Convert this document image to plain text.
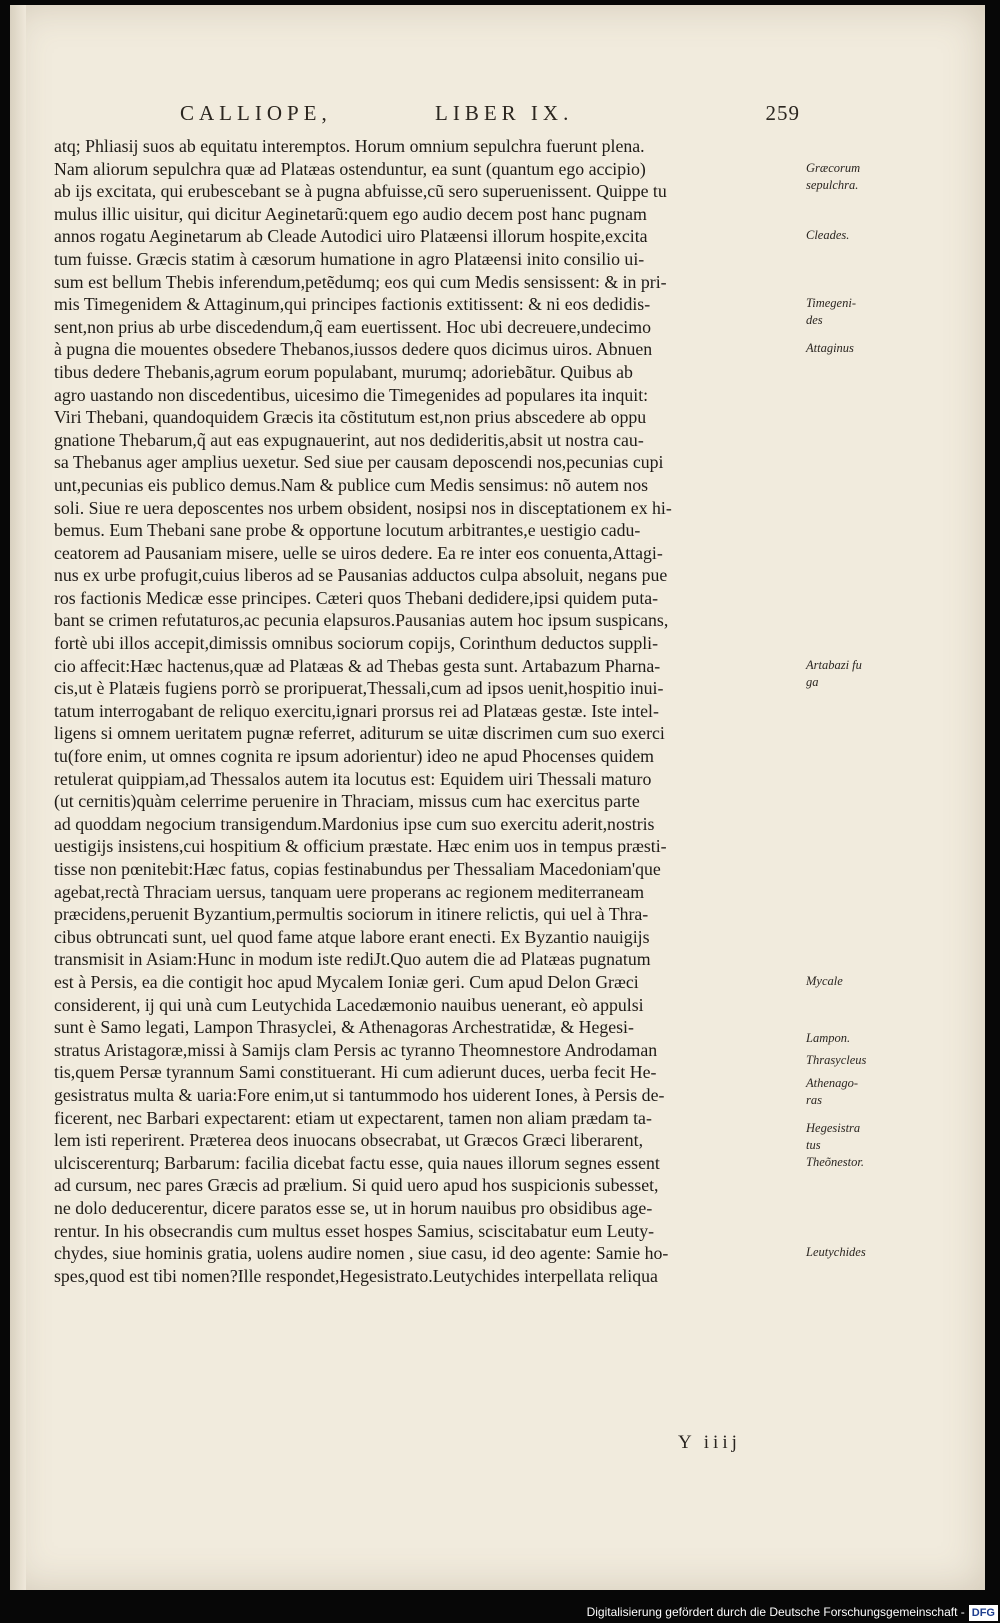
CALLIOPE,	LIBER IX.	259
atq; Phliasij suos ab equitatu interemptos. Horum omnium sepulchra fuerunt plena.
Nam aliorum sepulchra quæ ad Platæas ostenduntur, ea sunt (quantum ego accipio)
ab ijs excitata, qui erubescebant se à pugna abfuisse,cũ sero superuenissent. Quippe tu
mulus illic uisitur, qui dicitur Aeginetarũ:quem ego audio decem post hanc pugnam
annos rogatu Aeginetarum ab Cleade Autodici uiro Platæensi illorum hospite,excita
tum fuisse. Græcis statim à cæsorum humatione in agro Platæensi inito consilio ui-
sum est bellum Thebis inferendum,petẽdumq; eos qui cum Medis sensissent: & in pri-
mis Timegenidem & Attaginum,qui principes factionis extitissent: & ni eos dedidis-
sent,non prius ab urbe discedendum,q̃ eam euertissent. Hoc ubi decreuere,undecimo
à pugna die mouentes obsedere Thebanos,iussos dedere quos dicimus uiros. Abnuen
tibus dedere Thebanis,agrum eorum populabant, murumq; adoriebãtur. Quibus ab
agro uastando non discedentibus, uicesimo die Timegenides ad populares ita inquit:
Viri Thebani, quandoquidem Græcis ita cõstitutum est,non prius abscedere ab oppu
gnatione Thebarum,q̃ aut eas expugnauerint, aut nos dedideritis,absit ut nostra cau-
sa Thebanus ager amplius uexetur. Sed siue per causam deposcendi nos,pecunias cupi
unt,pecunias eis publico demus.Nam & publice cum Medis sensimus: nõ autem nos
soli. Siue re uera deposcentes nos urbem obsident, nosipsi nos in disceptationem ex hi-
bemus. Eum Thebani sane probe & opportune locutum arbitrantes,e uestigio cadu-
ceatorem ad Pausaniam misere, uelle se uiros dedere. Ea re inter eos conuenta,Attagi-
nus ex urbe profugit,cuius liberos ad se Pausanias adductos culpa absoluit, negans pue
ros factionis Medicæ esse principes. Cæteri quos Thebani dedidere,ipsi quidem puta-
bant se crimen refutaturos,ac pecunia elapsuros.Pausanias autem hoc ipsum suspicans,
fortè ubi illos accepit,dimissis omnibus sociorum copijs, Corinthum deductos suppli-
cio affecit:Hæc hactenus,quæ ad Platæas & ad Thebas gesta sunt. Artabazum Pharna-
cis,ut è Platæis fugiens porrò se proripuerat,Thessali,cum ad ipsos uenit,hospitio inui-
tatum interrogabant de reliquo exercitu,ignari prorsus rei ad Platæas gestæ. Iste intel-
ligens si omnem ueritatem pugnæ referret, aditurum se uitæ discrimen cum suo exerci
tu(fore enim, ut omnes cognita re ipsum adorientur) ideo ne apud Phocenses quidem
retulerat quippiam,ad Thessalos autem ita locutus est: Equidem uiri Thessali maturo
(ut cernitis)quàm celerrime peruenire in Thraciam, missus cum hac exercitus parte
ad quoddam negocium transigendum.Mardonius ipse cum suo exercitu aderit,nostris
uestigijs insistens,cui hospitium & officium præstate. Hæc enim uos in tempus præsti-
tisse non pœnitebit:Hæc fatus, copias festinabundus per Thessaliam Macedoniam'que
agebat,rectà Thraciam uersus, tanquam uere properans ac regionem mediterraneam
præcidens,peruenit Byzantium,permultis sociorum in itinere relictis, qui uel à Thra-
cibus obtruncati sunt, uel quod fame atque labore erant enecti. Ex Byzantio nauigijs
transmisit in Asiam:Hunc in modum iste rediJt.Quo autem die ad Platæas pugnatum
est à Persis, ea die contigit hoc apud Mycalem Ioniæ geri. Cum apud Delon Græci
considerent, ij qui unà cum Leutychida Lacedæmonio nauibus uenerant, eò appulsi
sunt è Samo legati, Lampon Thrasyclei, & Athenagoras Archestratidæ, & Hegesi-
stratus Aristagoræ,missi à Samijs clam Persis ac tyranno Theomnestore Androdaman
tis,quem Persæ tyrannum Sami constituerant. Hi cum adierunt duces, uerba fecit He-
gesistratus multa & uaria:Fore enim,ut si tantummodo hos uiderent Iones, à Persis de-
ficerent, nec Barbari expectarent: etiam ut expectarent, tamen non aliam prædam ta-
lem isti reperirent. Præterea deos inuocans obsecrabat, ut Græcos Græci liberarent,
ulciscerenturq; Barbarum: facilia dicebat factu esse, quia naues illorum segnes essent
ad cursum, nec pares Græcis ad prælium. Si quid uero apud hos suspicionis subesset,
ne dolo deducerentur, dicere paratos esse se, ut in horum nauibus pro obsidibus age-
rentur. In his obsecrandis cum multus esset hospes Samius, sciscitabatur eum Leuty-
chydes, siue hominis gratia, uolens audire nomen , siue casu, id deo agente: Samie ho-
spes,quod est tibi nomen?Ille respondet,Hegesistrato.Leutychides interpellata reliqua
Græcorum
sepulchra.
Cleades.
Timegeni-
des
Attaginus
Artabazi fu
ga
Mycale
Lampon.
Thrasycleus
Athenago-
ras
Hegesistra
tus
Theõnestor.
Leutychides
Y iiij
Digitalisierung gefördert durch die Deutsche Forschungsgemeinschaft - DFG
